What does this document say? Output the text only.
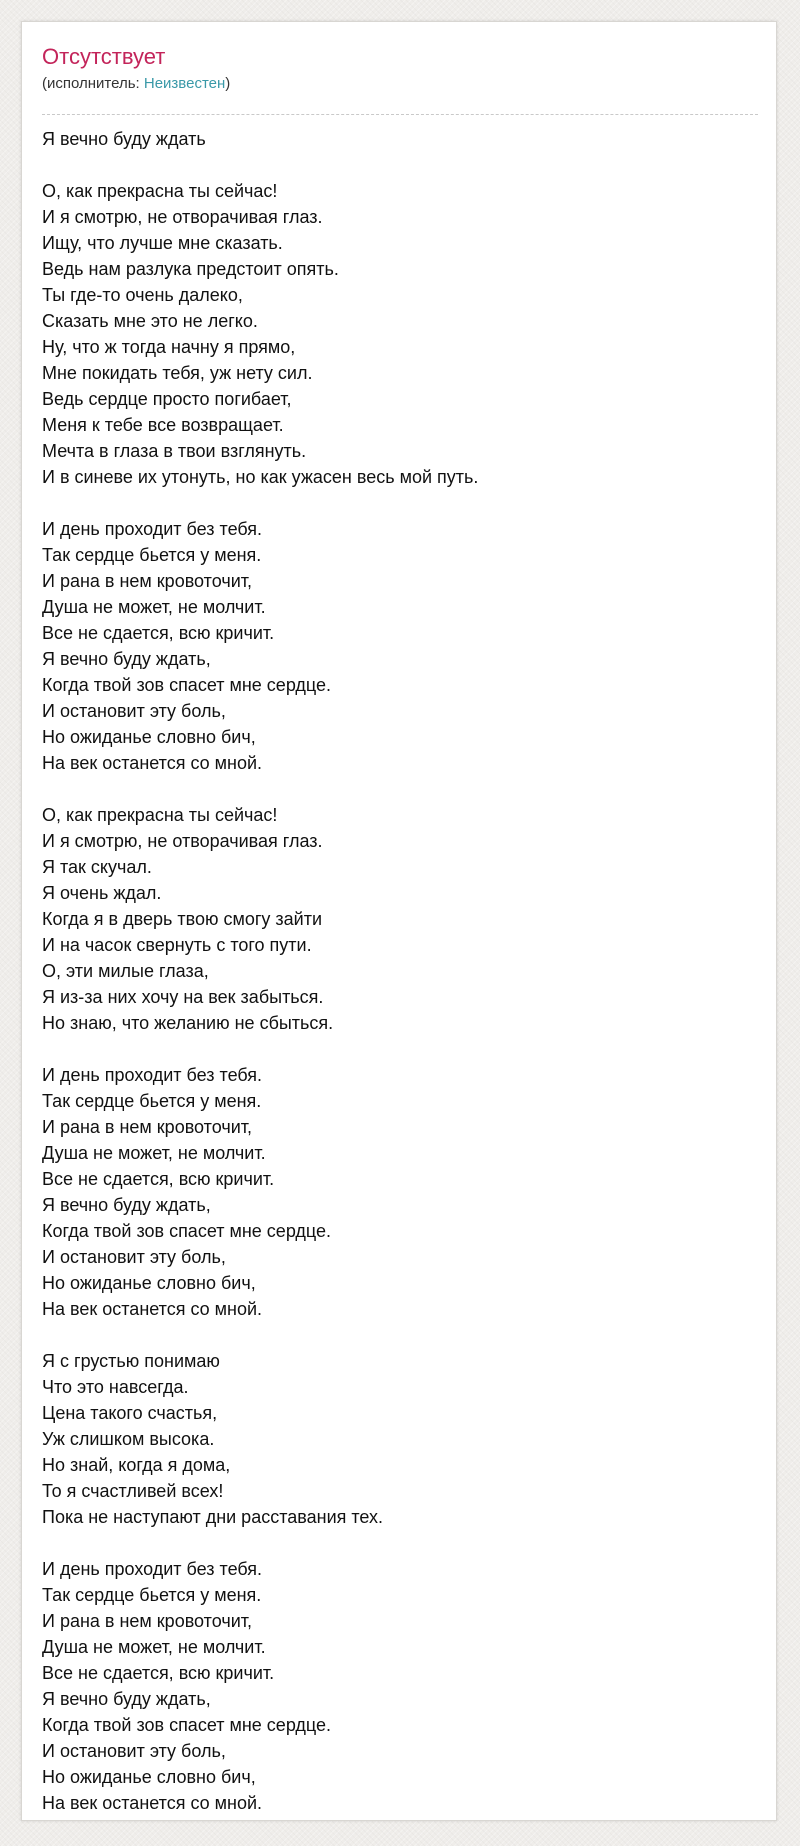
Отсутствует
(исполнитель: Неизвестен)
Я вечно буду ждать
О, как прекрасна ты сейчас!
И я смотрю, не отворачивая глаз.
Ищу, что лучше мне сказать.
Ведь нам разлука предстоит опять.
Ты где-то очень далеко,
Сказать мне это не легко.
Ну, что ж тогда начну я прямо,
Мне покидать тебя, уж нету сил.
Ведь сердце просто погибает,
Меня к тебе все возвращает.
Мечта в глаза в твои взглянуть.
И в синеве их утонуть, но как ужасен весь мой путь.
И день проходит без тебя.
Так сердце бьется у меня.
И рана в нем кровоточит,
Душа не может, не молчит.
Все не сдается, всю кричит.
Я вечно буду ждать,
Когда твой зов спасет мне сердце.
И остановит эту боль,
Но ожиданье словно бич,
На век останется со мной.
О, как прекрасна ты сейчас!
И я смотрю, не отворачивая глаз.
Я так скучал.
Я очень ждал.
Когда я в дверь твою смогу зайти
И на часок свернуть с того пути.
О, эти милые глаза,
Я из-за них хочу на век забыться.
Но знаю, что желанию не сбыться.
И день проходит без тебя.
Так сердце бьется у меня.
И рана в нем кровоточит,
Душа не может, не молчит.
Все не сдается, всю кричит.
Я вечно буду ждать,
Когда твой зов спасет мне сердце.
И остановит эту боль,
Но ожиданье словно бич,
На век останется со мной.
Я с грустью понимаю
Что это навсегда.
Цена такого счастья,
Уж слишком высока.
Но знай, когда я дома,
То я счастливей всех!
Пока не наступают дни расставания тех.
И день проходит без тебя.
Так сердце бьется у меня.
И рана в нем кровоточит,
Душа не может, не молчит.
Все не сдается, всю кричит.
Я вечно буду ждать,
Когда твой зов спасет мне сердце.
И остановит эту боль,
Но ожиданье словно бич,
На век останется со мной.
